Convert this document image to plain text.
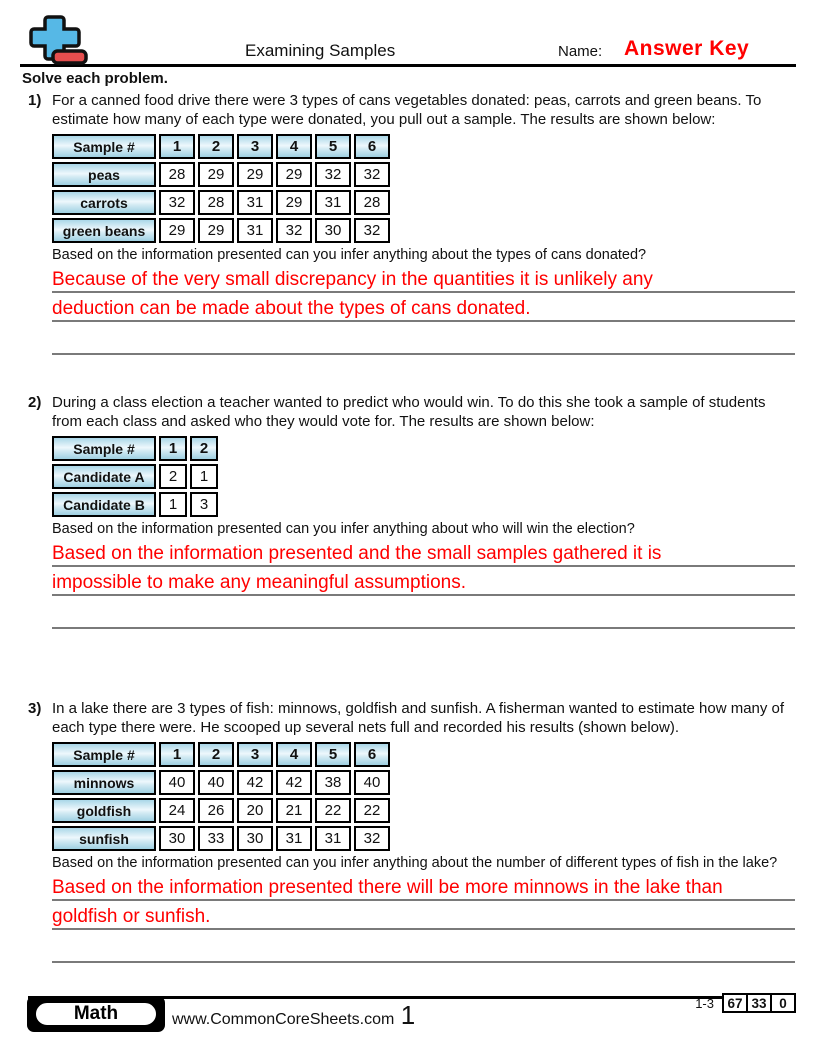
Examining Samples	Name: Answer Key
Solve each problem.
1) For a canned food drive there were 3 types of cans vegetables donated: peas, carrots and green beans. To estimate how many of each type were donated, you pull out a sample. The results are shown below:
Sample #	1	2	3	4	5	6
peas	28	29	29	29	32	32
carrots	32	28	31	29	31	28
green beans	29	29	31	32	30	32
Based on the information presented can you infer anything about the types of cans donated?
Because of the very small discrepancy in the quantities it is unlikely any
deduction can be made about the types of cans donated.
2) During a class election a teacher wanted to predict who would win. To do this she took a sample of students from each class and asked who they would vote for. The results are shown below:
Sample #	1	2
Candidate A	2	1
Candidate B	1	3
Based on the information presented can you infer anything about who will win the election?
Based on the information presented and the small samples gathered it is
impossible to make any meaningful assumptions.
3) In a lake there are 3 types of fish: minnows, goldfish and sunfish. A fisherman wanted to estimate how many of each type there were. He scooped up several nets full and recorded his results (shown below).
Sample #	1	2	3	4	5	6
minnows	40	40	42	42	38	40
goldfish	24	26	20	21	22	22
sunfish	30	33	30	31	31	32
Based on the information presented can you infer anything about the number of different types of fish in the lake?
Based on the information presented there will be more minnows in the lake than
goldfish or sunfish.
Math	www.CommonCoreSheets.com 1	1-3 67 33 0
